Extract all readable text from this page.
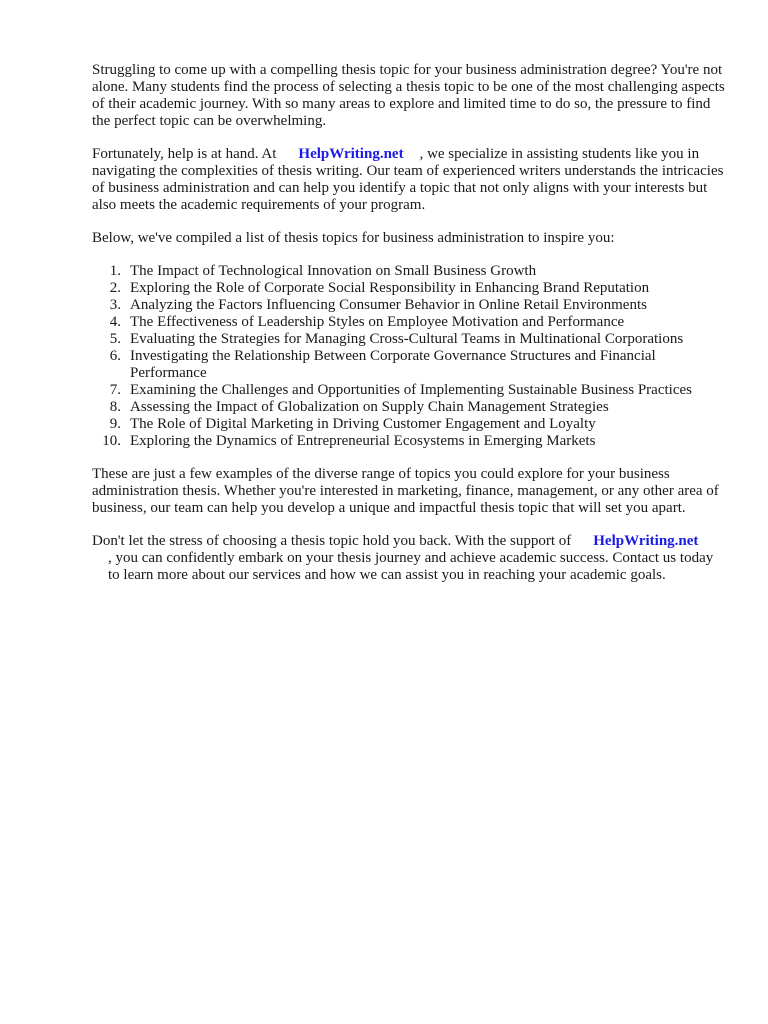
Struggling to come up with a compelling thesis topic for your business administration degree? You're not alone. Many students find the process of selecting a thesis topic to be one of the most challenging aspects of their academic journey. With so many areas to explore and limited time to do so, the pressure to find the perfect topic can be overwhelming.

Fortunately, help is at hand. At HelpWriting.net , we specialize in assisting students like you in navigating the complexities of thesis writing. Our team of experienced writers understands the intricacies of business administration and can help you identify a topic that not only aligns with your interests but also meets the academic requirements of your program.

Below, we've compiled a list of thesis topics for business administration to inspire you:

1. The Impact of Technological Innovation on Small Business Growth
2. Exploring the Role of Corporate Social Responsibility in Enhancing Brand Reputation
3. Analyzing the Factors Influencing Consumer Behavior in Online Retail Environments
4. The Effectiveness of Leadership Styles on Employee Motivation and Performance
5. Evaluating the Strategies for Managing Cross-Cultural Teams in Multinational Corporations
6. Investigating the Relationship Between Corporate Governance Structures and Financial Performance
7. Examining the Challenges and Opportunities of Implementing Sustainable Business Practices
8. Assessing the Impact of Globalization on Supply Chain Management Strategies
9. The Role of Digital Marketing in Driving Customer Engagement and Loyalty
10. Exploring the Dynamics of Entrepreneurial Ecosystems in Emerging Markets

These are just a few examples of the diverse range of topics you could explore for your business administration thesis. Whether you're interested in marketing, finance, management, or any other area of business, our team can help you develop a unique and impactful thesis topic that will set you apart.

Don't let the stress of choosing a thesis topic hold you back. With the support of HelpWriting.net
, you can confidently embark on your thesis journey and achieve academic success. Contact us today to learn more about our services and how we can assist you in reaching your academic goals.
